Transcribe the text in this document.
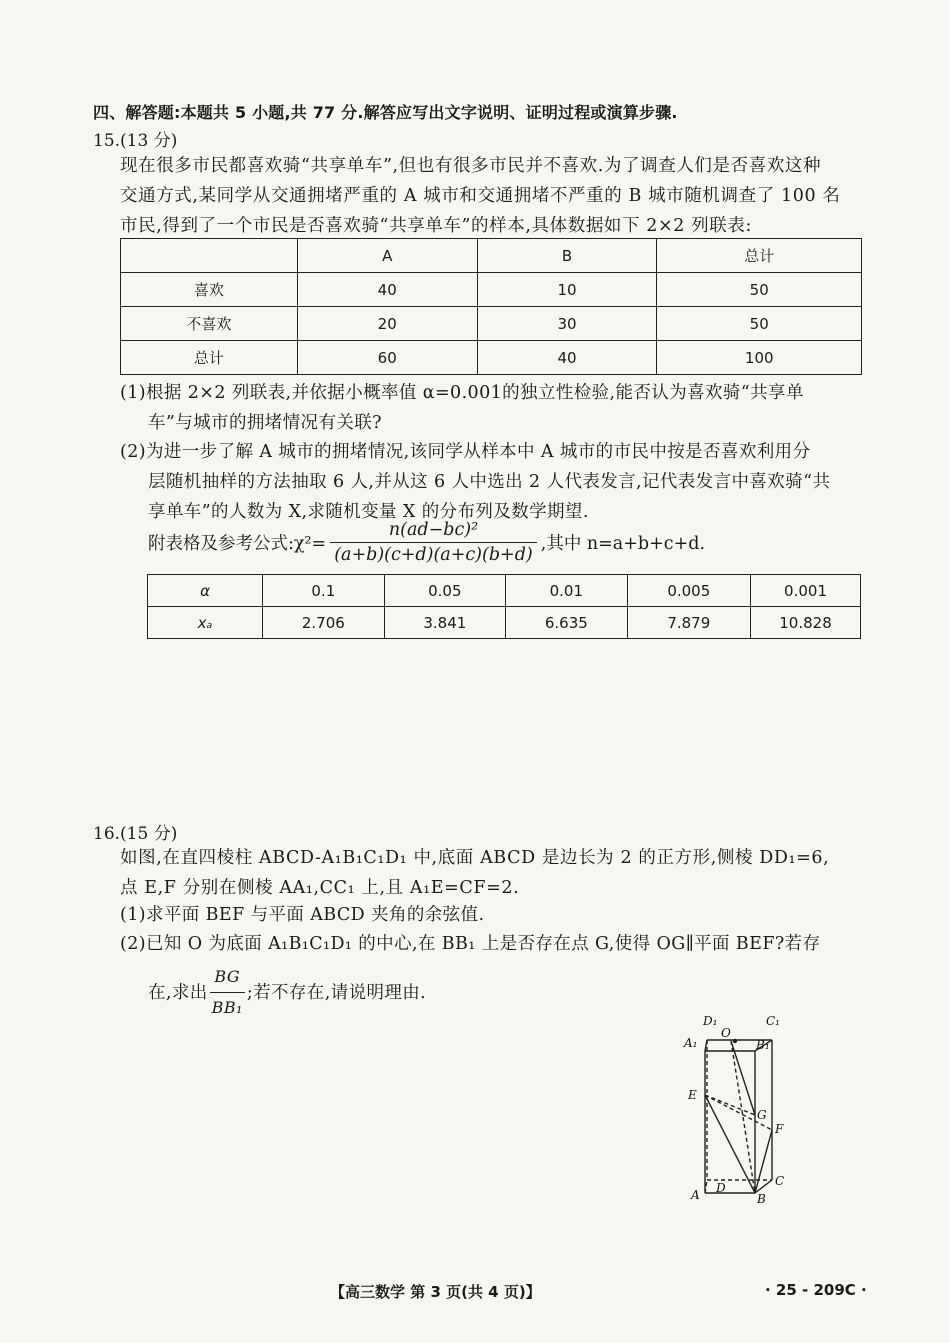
四、解答题:本题共 5 小题,共 77 分.解答应写出文字说明、证明过程或演算步骤.
15.(13 分)

现在很多市民都喜欢骑“共享单车”,但也有很多市民并不喜欢.为了调查人们是否喜欢这种

交通方式,某同学从交通拥堵严重的 A 城市和交通拥堵不严重的 B 城市随机调查了 100 名

市民,得到了一个市民是否喜欢骑“共享单车”的样本,具体数据如下 2×2 列联表:

	A	B	总计
喜欢	40	10	50
不喜欢	20	30	50
总计	60	40	100
(1)根据 2×2 列联表,并依据小概率值 α=0.001的独立性检验,能否认为喜欢骑“共享单
车”与城市的拥堵情况有关联?
(2)为进一步了解 A 城市的拥堵情况,该同学从样本中 A 城市的市民中按是否喜欢利用分
层随机抽样的方法抽取 6 人,并从这 6 人中选出 2 人代表发言,记代表发言中喜欢骑“共
享单车”的人数为 X,求随机变量 X 的分布列及数学期望.
附表格及参考公式:χ²= $\frac{\text{n(ad−bc)²}}{(a+b)(c+d)(a+c)(b+d)}$ ,其中 n=a+b+c+d.
α	0.1	0.05	0.01	0.005	0.001
xₐ	2.706	3.841	6.635	7.879	10.828
16.(15 分)

如图,在直四棱柱 ABCD-A₁B₁C₁D₁ 中,底面 ABCD 是边长为 2 的正方形,侧棱 DD₁=6,

点 E,F 分别在侧棱 AA₁,CC₁ 上,且 A₁E=CF=2.

(1)求平面 BEF 与平面 ABCD 夹角的余弦值.
(2)已知 O 为底面 A₁B₁C₁D₁ 的中心,在 BB₁ 上是否存在点 G,使得 OG∥平面 BEF?若存
在,求出 $\frac{BG}{\text{BB₁}}$ ;若不存在,请说明理由.
D₁	C₁
A₁
O
B₁
E
G
F
C
A D
B
【高三数学 第 3 页(共 4 页)】	· 25 - 209C ·
